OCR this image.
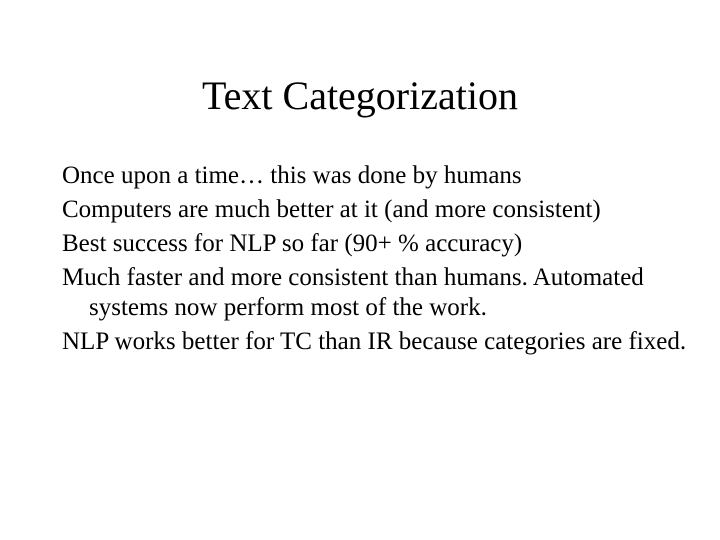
Text Categorization
Once upon a time… this was done by humans
Computers are much better at it (and more consistent)
Best success for NLP so far (90+ % accuracy)
Much faster and more consistent than humans. Automated systems now perform most of the work.
NLP works better for TC than IR because categories are fixed.
